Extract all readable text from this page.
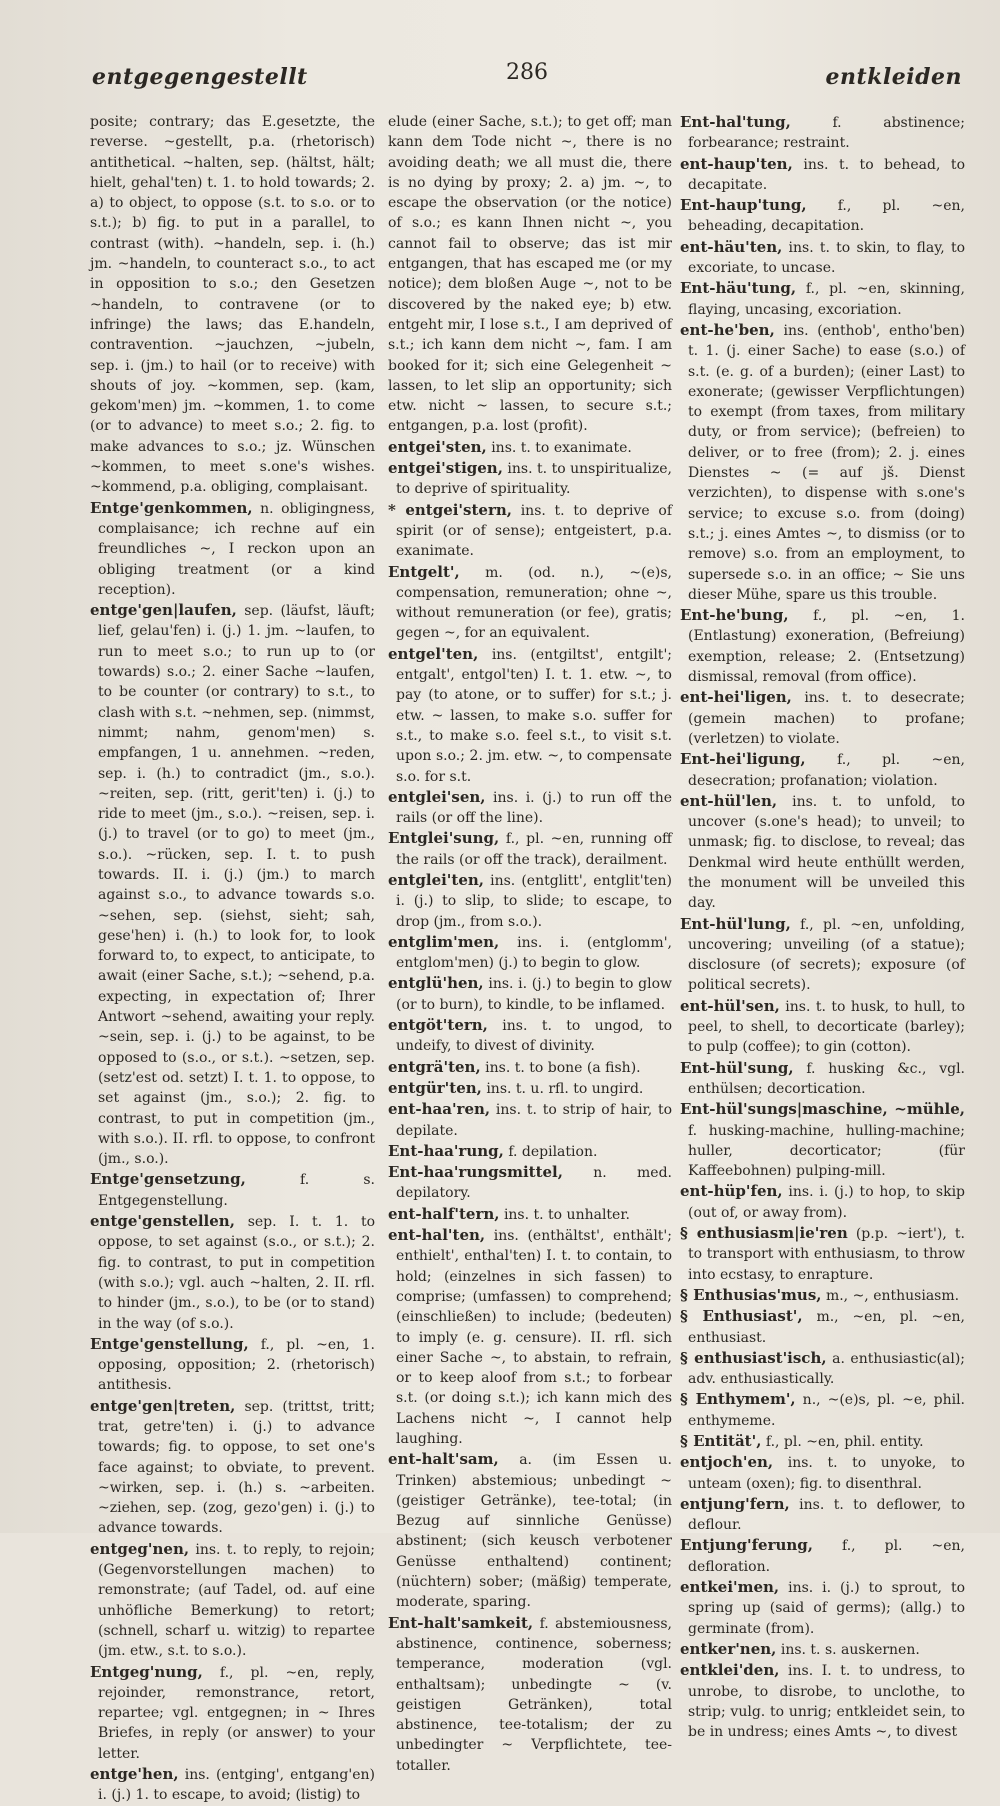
entgegengestellt	286	entkleiden

posite; contrary; das E.gesetzte, the reverse. ~gestellt, p.a. (rhetorisch) antithetical. ~halten, sep. (hältst, hält; hielt, gehal'ten) t. 1. to hold towards; 2. a) to object, to oppose (s.t. to s.o. or to s.t.); b) fig. to put in a parallel, to contrast (with). ~handeln, sep. i. (h.) jm. ~handeln, to counteract s.o., to act in opposition to s.o.; den Gesetzen ~handeln, to contravene (or to infringe) the laws; das E.handeln, contravention. ~jauchzen, ~jubeln, sep. i. (jm.) to hail (or to receive) with shouts of joy. ~kommen, sep. (kam, gekom'men) jm. ~kommen, 1. to come (or to advance) to meet s.o.; 2. fig. to make advances to s.o.; jz. Wünschen ~kommen, to meet s.one's wishes. ~kommend, p.a. obliging, complaisant.

Entge'genkommen, n. obligingness, complaisance; ich rechne auf ein freundliches ~, I reckon upon an obliging treatment (or a kind reception).

entge'gen|laufen, sep. (läufst, läuft; lief, gelau'fen) i. (j.) 1. jm. ~laufen, to run to meet s.o.; to run up to (or towards) s.o.; 2. einer Sache ~laufen, to be counter (or contrary) to s.t., to clash with s.t. ~nehmen, sep. (nimmst, nimmt; nahm, genom'men) s. empfangen, 1 u. annehmen. ~reden, sep. i. (h.) to contradict (jm., s.o.). ~reiten, sep. (ritt, gerit'ten) i. (j.) to ride to meet (jm., s.o.). ~reisen, sep. i. (j.) to travel (or to go) to meet (jm., s.o.). ~rücken, sep. I. t. to push towards. II. i. (j.) (jm.) to march against s.o., to advance towards s.o. ~sehen, sep. (siehst, sieht; sah, gese'hen) i. (h.) to look for, to look forward to, to expect, to anticipate, to await (einer Sache, s.t.); ~sehend, p.a. expecting, in expectation of; Ihrer Antwort ~sehend, awaiting your reply. ~sein, sep. i. (j.) to be against, to be opposed to (s.o., or s.t.). ~setzen, sep. (setz'est od. setzt) I. t. 1. to oppose, to set against (jm., s.o.); 2. fig. to contrast, to put in competition (jm., with s.o.). II. rfl. to oppose, to confront (jm., s.o.).

Entge'gensetzung,	f. s. Entgegenstellung.

entge'genstellen, sep. I. t. 1. to oppose, to set against (s.o., or s.t.); 2. fig. to contrast, to put in competition (with s.o.); vgl. auch ~halten, 2. II. rfl. to hinder (jm., s.o.), to be (or to stand) in the way (of s.o.).

Entge'genstellung, f., pl. ~en, 1. opposing, opposition; 2. (rhetorisch) antithesis.

entge'gen|treten, sep. (trittst, tritt; trat, getre'ten) i. (j.) to advance towards; fig. to oppose, to set one's face against; to obviate, to prevent. ~wirken, sep. i. (h.) s. ~arbeiten. ~ziehen, sep. (zog, gezo'gen) i. (j.) to advance towards.

entgeg'nen, ins. t. to reply, to rejoin; (Gegenvorstellungen machen) to remonstrate; (auf Tadel, od. auf eine unhöfliche Bemerkung) to retort; (schnell, scharf u. witzig) to repartee (jm. etw., s.t. to s.o.).

Entgeg'nung, f., pl. ~en, reply, rejoinder, remonstrance, retort, repartee; vgl. entgegnen; in ~ Ihres Briefes, in reply (or answer) to your letter.

entge'hen, ins. (entging', entgang'en) i. (j.) 1. to escape, to avoid; (listig) to

elude (einer Sache, s.t.); to get off; man kann dem Tode nicht ~, there is no avoiding death; we all must die, there is no dying by proxy; 2. a) jm. ~, to escape the observation (or the notice) of s.o.; es kann Ihnen nicht ~, you cannot fail to observe; das ist mir entgangen, that has escaped me (or my notice); dem bloßen Auge ~, not to be discovered by the naked eye; b) etw. entgeht mir, I lose s.t., I am deprived of s.t.; ich kann dem nicht ~, fam. I am booked for it; sich eine Gelegenheit ~ lassen, to let slip an opportunity; sich etw. nicht ~ lassen, to secure s.t.; entgangen, p.a. lost (profit).

entgei'sten, ins. t. to exanimate.

entgei'stigen, ins. t. to unspiritualize, to deprive of spirituality.

* entgei'stern, ins. t. to deprive of spirit (or of sense); entgeistert, p.a. exanimate.

Entgelt', m. (od. n.), ~(e)s, compensation, remuneration; ohne ~, without remuneration (or fee), gratis; gegen ~, for an equivalent.

entgel'ten, ins. (entgiltst', entgilt'; entgalt', entgol'ten) I. t. 1. etw. ~, to pay (to atone, or to suffer) for s.t.; j. etw. ~ lassen, to make s.o. suffer for s.t., to make s.o. feel s.t., to visit s.t. upon s.o.; 2. jm. etw. ~, to compensate s.o. for s.t.

entglei'sen, ins. i. (j.) to run off the rails (or off the line).

Entglei'sung, f., pl. ~en, running off the rails (or off the track), derailment.

entglei'ten, ins. (entglitt', entglit'ten) i. (j.) to slip, to slide; to escape, to drop (jm., from s.o.).

entglim'men, ins. i. (entglomm', entglom'men) (j.) to begin to glow.

entglü'hen, ins. i. (j.) to begin to glow (or to burn), to kindle, to be inflamed.

entgöt'tern, ins. t. to ungod, to undeify, to divest of divinity.

entgrä'ten, ins. t. to bone (a fish).

entgür'ten, ins. t. u. rfl. to ungird.

ent-haa'ren, ins. t. to strip of hair, to depilate.

Ent-haa'rung, f. depilation.

Ent-haa'rungsmittel, n. med. depilatory.

ent-half'tern, ins. t. to unhalter.

ent-hal'ten, ins. (enthältst', enthält'; enthielt', enthal'ten) I. t. to contain, to hold; (einzelnes in sich fassen) to comprise; (umfassen) to comprehend; (einschließen) to include; (bedeuten) to imply (e. g. censure). II. rfl. sich einer Sache ~, to abstain, to refrain, or to keep aloof from s.t.; to forbear s.t. (or doing s.t.); ich kann mich des Lachens nicht ~, I cannot help laughing.

ent-halt'sam, a. (im Essen u. Trinken) abstemious; unbedingt ~ (geistiger Getränke), tee-total; (in Bezug auf sinnliche Genüsse) abstinent; (sich keusch verbotener Genüsse enthaltend) continent; (nüchtern) sober; (mäßig) temperate, moderate, sparing.

Ent-halt'samkeit, f. abstemiousness, abstinence, continence, soberness; temperance, moderation (vgl. enthaltsam); unbedingte ~ (v. geistigen Getränken), total abstinence, tee-totalism; der zu unbedingter ~ Verpflichtete, tee-totaller.

Ent-hal'tung,	f. abstinence; forbearance; restraint.

ent-haup'ten, ins. t. to behead, to decapitate.

Ent-haup'tung, f., pl. ~en, beheading, decapitation.

ent-häu'ten, ins. t. to skin, to flay, to excoriate, to uncase.

Ent-häu'tung, f., pl. ~en, skinning, flaying, uncasing, excoriation.

ent-he'ben, ins. (enthob', entho'ben) t. 1. (j. einer Sache) to ease (s.o.) of s.t. (e. g. of a burden); (einer Last) to exonerate; (gewisser Verpflichtungen) to exempt (from taxes, from military duty, or from service); (befreien) to deliver, or to free (from); 2. j. eines Dienstes ~ (= auf jš. Dienst verzichten), to dispense with s.one's service; to excuse s.o. from (doing) s.t.; j. eines Amtes ~, to dismiss (or to remove) s.o. from an employment, to supersede s.o. in an office; ~ Sie uns dieser Mühe, spare us this trouble.

Ent-he'bung, f., pl. ~en, 1. (Entlastung) exoneration, (Befreiung) exemption, release; 2. (Entsetzung) dismissal, removal (from office).

ent-hei'ligen, ins. t. to desecrate; (gemein machen) to profane; (verletzen) to violate.

Ent-hei'ligung, f., pl. ~en, desecration; profanation; violation.

ent-hül'len, ins. t. to unfold, to uncover (s.one's head); to unveil; to unmask; fig. to disclose, to reveal; das Denkmal wird heute enthüllt werden, the monument will be unveiled this day.

Ent-hül'lung, f., pl. ~en, unfolding, uncovering; unveiling (of a statue); disclosure (of secrets); exposure (of political secrets).

ent-hül'sen, ins. t. to husk, to hull, to peel, to shell, to decorticate (barley); to pulp (coffee); to gin (cotton).

Ent-hül'sung, f. husking &c., vgl. enthülsen; decortication.

Ent-hül'sungs|maschine, ~mühle, f. husking-machine, hulling-machine; huller, decorticator; (für Kaffeebohnen) pulping-mill.

ent-hüp'fen, ins. i. (j.) to hop, to skip (out of, or away from).

§ enthusiasm|ie'ren (p.p. ~iert'), t. to transport with enthusiasm, to throw into ecstasy, to enrapture.

§ Enthusias'mus, m., ~, enthusiasm.

§ Enthusiast', m., ~en, pl. ~en, enthusiast.

§ enthusiast'isch, a. enthusiastic(al); adv. enthusiastically.

§ Enthymem', n., ~(e)s, pl. ~e, phil. enthymeme.

§ Entität', f., pl. ~en, phil. entity.

entjoch'en, ins. t. to unyoke, to unteam (oxen); fig. to disenthral.

entjung'fern, ins. t. to deflower, to deflour.

Entjung'ferung, f., pl. ~en, defloration.

entkei'men, ins. i. (j.) to sprout, to spring up (said of germs); (allg.) to germinate (from).

entker'nen, ins. t. s. auskernen.

entklei'den, ins. I. t. to undress, to unrobe, to disrobe, to unclothe, to strip; vulg. to unrig; entkleidet sein, to be in undress; eines Amts ~, to divest
